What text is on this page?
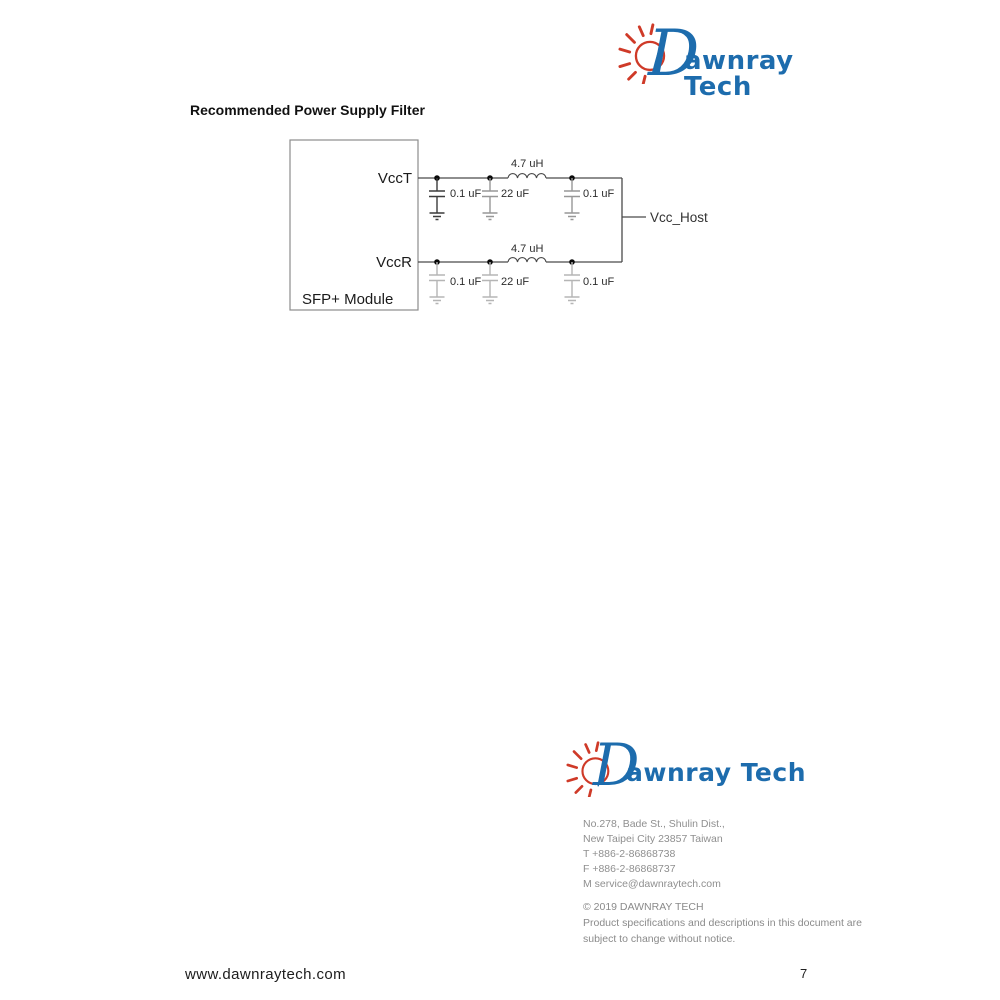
D
awnray Tech
Recommended Power Supply Filter
VccT
VccR
SFP+ Module
4.7 uH
0.1 uF 22 uF	0.1 uF
4.7 uH
0.1 uF 22 uF	0.1 uF
Vcc_Host
D
awnray Tech
No.278, Bade St., Shulin Dist.,
New Taipei City 23857 Taiwan
T +886-2-86868738
F +886-2-86868737
M service@dawnraytech.com
© 2019 DAWNRAY TECH
Product specifications and descriptions in this document are
subject to change without notice.
www.dawnraytech.com	7
